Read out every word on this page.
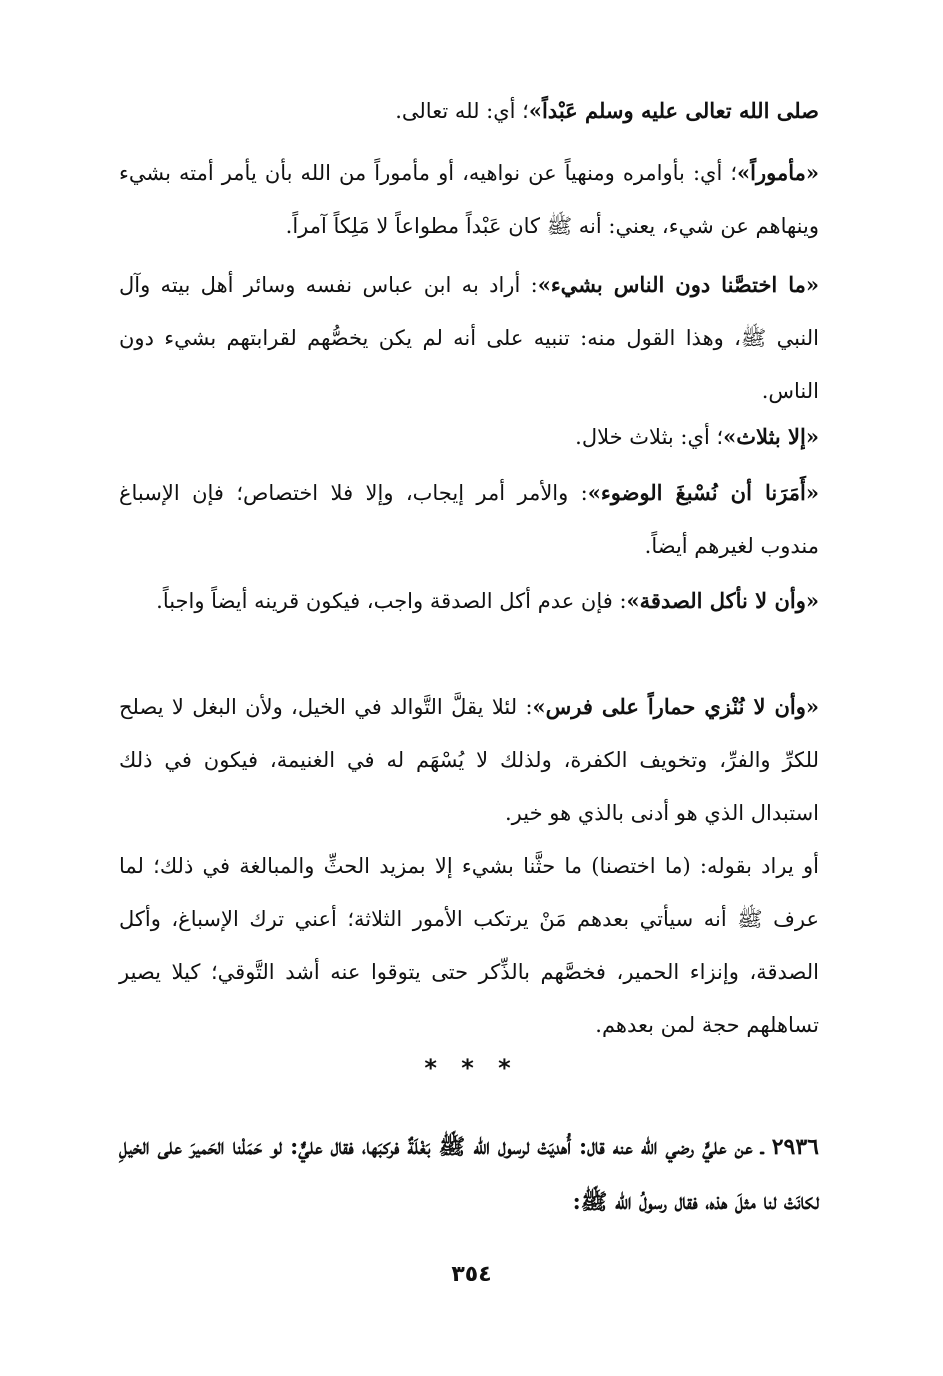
صلى الله تعالى عليه وسلم عَبْداً»؛ أي: لله تعالى.
«مأموراً»؛ أي: بأوامره ومنهياً عن نواهيه، أو مأموراً من الله بأن يأمر أمته بشيء وينهاهم عن شيء، يعني: أنه ﷺ كان عَبْداً مطواعاً لا مَلِكاً آمراً.
«ما اختصَّنا دون الناس بشيء»: أراد به ابن عباس نفسه وسائر أهل بيته وآل النبي ﷺ، وهذا القول منه: تنبيه على أنه لم يكن يخصُّهم لقرابتهم بشيء دون الناس.
«إلا بثلاث»؛ أي: بثلاث خلال.
«أَمَرَنا أن نُسْبغَ الوضوء»: والأمر أمر إيجاب، وإلا فلا اختصاص؛ فإن الإسباغ مندوب لغيرهم أيضاً.
«وأن لا نأكل الصدقة»: فإن عدم أكل الصدقة واجب، فيكون قرينه أيضاً واجباً.
«وأن لا نُنْزي حماراً على فرس»: لئلا يقلَّ التَّوالد في الخيل، ولأن البغل لا يصلح للكرِّ والفرِّ، وتخويف الكفرة، ولذلك لا يُسْهَم له في الغنيمة، فيكون في ذلك استبدال الذي هو أدنى بالذي هو خير.
أو يراد بقوله: (ما اختصنا) ما حثَّنا بشيء إلا بمزيد الحثِّ والمبالغة في ذلك؛ لما عرف ﷺ أنه سيأتي بعدهم مَنْ يرتكب الأمور الثلاثة؛ أعني ترك الإسباغ، وأكل الصدقة، وإنزاء الحمير، فخصَّهم بالذِّكر حتى يتوقوا عنه أشد التَّوقي؛ كيلا يصير تساهلهم حجة لمن بعدهم.
* * *
٢٩٣٦ ـ عن عليٍّ رضي الله عنه قال: أُهديَتْ لرسول الله ﷺ بَغْلَةٌ فركبَها، فقال عليٌّ: لو حَمَلْنا الحَميرَ على الخيلِ لكانَتْ لنا مثلَ هذه، فقال رسولُ الله ﷺ:
٣٥٤
